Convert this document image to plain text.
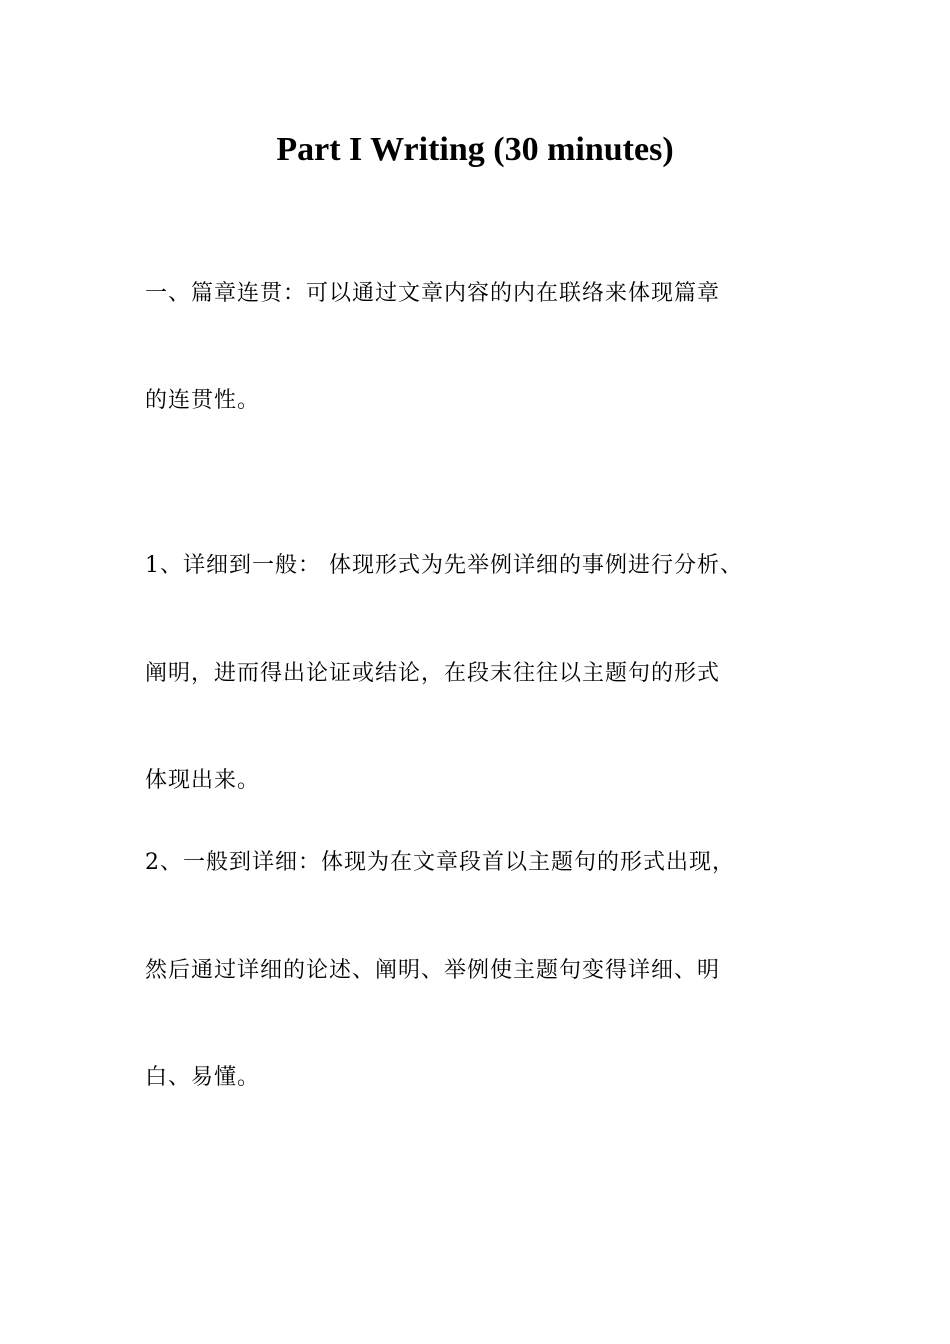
Part I Writing (30 minutes)

一、篇章连贯：可以通过文章内容的内在联络来体现篇章

的连贯性。

1、详细到一般： 体现形式为先举例详细的事例进行分析、

阐明，进而得出论证或结论，在段末往往以主题句的形式

体现出来。

2、一般到详细：体现为在文章段首以主题句的形式出现，

然后通过详细的论述、阐明、举例使主题句变得详细、明

白、易懂。
